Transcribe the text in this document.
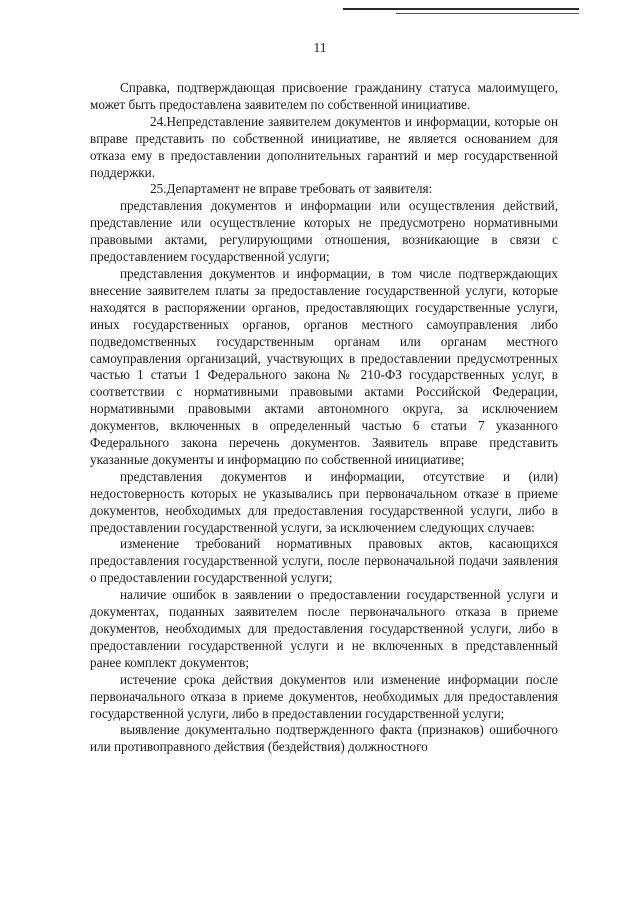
11

Справка, подтверждающая присвоение гражданину статуса малоимущего, может быть предоставлена заявителем по собственной инициативе.

24.Непредставление заявителем документов и информации, которые он вправе представить по собственной инициативе, не является основанием для отказа ему в предоставлении дополнительных гарантий и мер государственной поддержки.

25.Департамент не вправе требовать от заявителя:

представления документов и информации или осуществления действий, представление или осуществление которых не предусмотрено нормативными правовыми актами, регулирующими отношения, возникающие в связи с предоставлением государственной услуги;

представления документов и информации, в том числе подтверждающих внесение заявителем платы за предоставление государственной услуги, которые находятся в распоряжении органов, предоставляющих государственные услуги, иных государственных органов, органов местного самоуправления либо подведомственных государственным органам или органам местного самоуправления организаций, участвующих в предоставлении предусмотренных частью 1 статьи 1 Федерального закона № 210-ФЗ государственных услуг, в соответствии с нормативными правовыми актами Российской Федерации, нормативными правовыми актами автономного округа, за исключением документов, включенных в определенный частью 6 статьи 7 указанного Федерального закона перечень документов. Заявитель вправе представить указанные документы и информацию по собственной инициативе;

представления документов и информации, отсутствие и (или) недостоверность которых не указывались при первоначальном отказе в приеме документов, необходимых для предоставления государственной услуги, либо в предоставлении государственной услуги, за исключением следующих случаев:

изменение требований нормативных правовых актов, касающихся предоставления государственной услуги, после первоначальной подачи заявления о предоставлении государственной услуги;

наличие ошибок в заявлении о предоставлении государственной услуги и документах, поданных заявителем после первоначального отказа в приеме документов, необходимых для предоставления государственной услуги, либо в предоставлении государственной услуги и не включенных в представленный ранее комплект документов;

истечение срока действия документов или изменение информации после первоначального отказа в приеме документов, необходимых для предоставления государственной услуги, либо в предоставлении государственной услуги;

выявление документально подтвержденного факта (признаков) ошибочного или противоправного действия (бездействия) должностного
